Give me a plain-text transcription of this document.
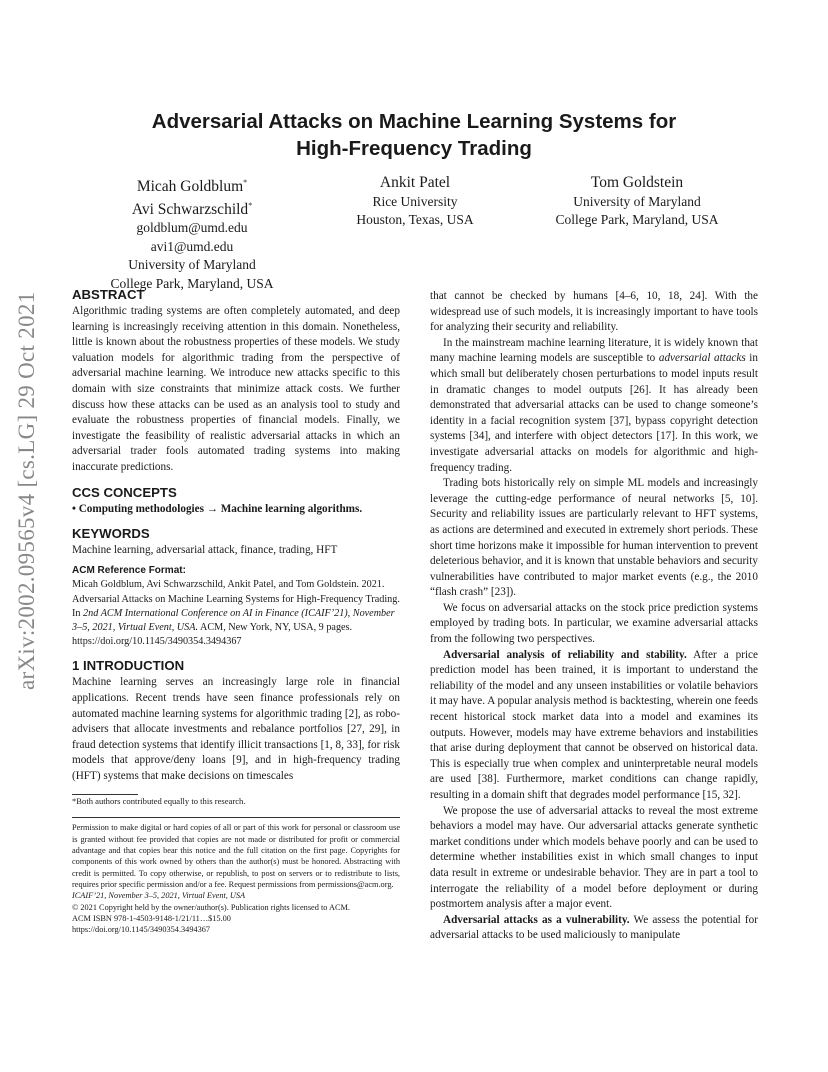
arXiv:2002.09565v4 [cs.LG] 29 Oct 2021
Adversarial Attacks on Machine Learning Systems for
High-Frequency Trading
Micah Goldblum*
Avi Schwarzschild*
goldblum@umd.edu
avi1@umd.edu
University of Maryland
College Park, Maryland, USA
Ankit Patel
Rice University
Houston, Texas, USA
Tom Goldstein
University of Maryland
College Park, Maryland, USA
ABSTRACT

Algorithmic trading systems are often completely automated, and deep learning is increasingly receiving attention in this domain. Nonetheless, little is known about the robustness properties of these models. We study valuation models for algorithmic trading from the perspective of adversarial machine learning. We introduce new attacks specific to this domain with size constraints that minimize attack costs. We further discuss how these attacks can be used as an analysis tool to study and evaluate the robustness properties of financial models. Finally, we investigate the feasibility of realistic adversarial attacks in which an adversarial trader fools automated trading systems into making inaccurate predictions.

CCS CONCEPTS

• Computing methodologies → Machine learning algorithms.

KEYWORDS

Machine learning, adversarial attack, finance, trading, HFT

ACM Reference Format:

Micah Goldblum, Avi Schwarzschild, Ankit Patel, and Tom Goldstein. 2021. Adversarial Attacks on Machine Learning Systems for High-Frequency Trading. In 2nd ACM International Conference on AI in Finance (ICAIF’21), November 3–5, 2021, Virtual Event, USA. ACM, New York, NY, USA, 9 pages. https://doi.org/10.1145/3490354.3494367

1 INTRODUCTION

Machine learning serves an increasingly large role in financial applications. Recent trends have seen finance professionals rely on automated machine learning systems for algorithmic trading [2], as robo-advisers that allocate investments and rebalance portfolios [27, 29], in fraud detection systems that identify illicit transactions [1, 8, 33], for risk models that approve/deny loans [9], and in high-frequency trading (HFT) systems that make decisions on timescales

*Both authors contributed equally to this research.

Permission to make digital or hard copies of all or part of this work for personal or classroom use is granted without fee provided that copies are not made or distributed for profit or commercial advantage and that copies bear this notice and the full citation on the first page. Copyrights for components of this work owned by others than the author(s) must be honored. Abstracting with credit is permitted. To copy otherwise, or republish, to post on servers or to redistribute to lists, requires prior specific permission and/or a fee. Request permissions from permissions@acm.org.

ICAIF’21, November 3–5, 2021, Virtual Event, USA
© 2021 Copyright held by the owner/author(s). Publication rights licensed to ACM.
ACM ISBN 978-1-4503-9148-1/21/11…$15.00
https://doi.org/10.1145/3490354.3494367

that cannot be checked by humans [4–6, 10, 18, 24]. With the widespread use of such models, it is increasingly important to have tools for analyzing their security and reliability.

In the mainstream machine learning literature, it is widely known that many machine learning models are susceptible to adversarial attacks in which small but deliberately chosen perturbations to model inputs result in dramatic changes to model outputs [26]. It has already been demonstrated that adversarial attacks can be used to change someone’s identity in a facial recognition system [37], bypass copyright detection systems [34], and interfere with object detectors [17]. In this work, we investigate adversarial attacks on models for algorithmic and high-frequency trading.

Trading bots historically rely on simple ML models and increasingly leverage the cutting-edge performance of neural networks [5, 10]. Security and reliability issues are particularly relevant to HFT systems, as actions are determined and executed in extremely short periods. These short time horizons make it impossible for human intervention to prevent deleterious behavior, and it is known that unstable behaviors and security vulnerabilities have contributed to major market events (e.g., the 2010 “flash crash” [23]).

We focus on adversarial attacks on the stock price prediction systems employed by trading bots. In particular, we examine adversarial attacks from the following two perspectives.

Adversarial analysis of reliability and stability. After a price prediction model has been trained, it is important to understand the reliability of the model and any unseen instabilities or volatile behaviors it may have. A popular analysis method is backtesting, wherein one feeds recent historical stock market data into a model and examines its outputs. However, models may have extreme behaviors and instabilities that arise during deployment that cannot be observed on historical data. This is especially true when complex and uninterpretable neural models are used [38]. Furthermore, market conditions can change rapidly, resulting in a domain shift that degrades model performance [15, 32].

We propose the use of adversarial attacks to reveal the most extreme behaviors a model may have. Our adversarial attacks generate synthetic market conditions under which models behave poorly and can be used to determine whether instabilities exist in which small changes to input data result in extreme or undesirable behavior. They are in part a tool to interrogate the reliability of a model before deployment or during postmortem analysis after a major event.

Adversarial attacks as a vulnerability. We assess the potential for adversarial attacks to be used maliciously to manipulate
